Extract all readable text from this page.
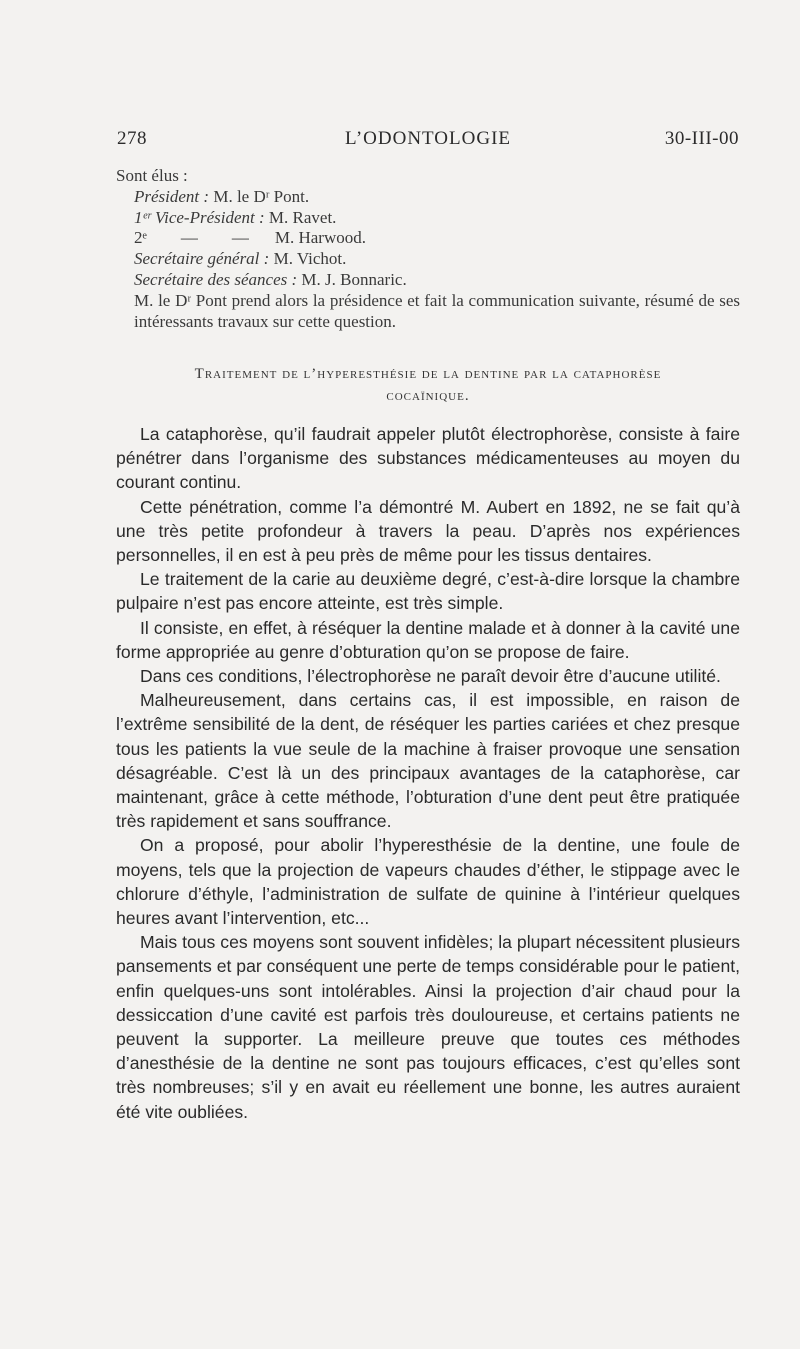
278	L’ODONTOLOGIE	30-III-00

Sont élus :

Président : M. le Dʳ Pont.

1ᵉʳ Vice-Président : M. Ravet.

2ᵉ — — M. Harwood.

Secrétaire général : M. Vichot.

Secrétaire des séances : M. J. Bonnaric.

M. le Dʳ Pont prend alors la présidence et fait la communication suivante, résumé de ses intéressants travaux sur cette question.

Traitement de l’hyperesthésie de la dentine par la cataphorèse
cocaïnique.

La cataphorèse, qu’il faudrait appeler plutôt électrophorèse, consiste à faire pénétrer dans l’organisme des substances médicamenteuses au moyen du courant continu.

Cette pénétration, comme l’a démontré M. Aubert en 1892, ne se fait qu’à une très petite profondeur à travers la peau. D’après nos expériences personnelles, il en est à peu près de même pour les tissus dentaires.

Le traitement de la carie au deuxième degré, c’est-à-dire lorsque la chambre pulpaire n’est pas encore atteinte, est très simple.

Il consiste, en effet, à réséquer la dentine malade et à donner à la cavité une forme appropriée au genre d’obturation qu’on se propose de faire.

Dans ces conditions, l’électrophorèse ne paraît devoir être d’aucune utilité.

Malheureusement, dans certains cas, il est impossible, en raison de l’extrême sensibilité de la dent, de réséquer les parties cariées et chez presque tous les patients la vue seule de la machine à fraiser provoque une sensation désagréable. C’est là un des principaux avantages de la cataphorèse, car maintenant, grâce à cette méthode, l’obturation d’une dent peut être pratiquée très rapidement et sans souffrance.

On a proposé, pour abolir l’hyperesthésie de la dentine, une foule de moyens, tels que la projection de vapeurs chaudes d’éther, le stippage avec le chlorure d’éthyle, l’administration de sulfate de quinine à l’intérieur quelques heures avant l’intervention, etc...

Mais tous ces moyens sont souvent infidèles; la plupart nécessitent plusieurs pansements et par conséquent une perte de temps considérable pour le patient, enfin quelques-uns sont intolérables. Ainsi la projection d’air chaud pour la dessiccation d’une cavité est parfois très douloureuse, et certains patients ne peuvent la supporter. La meilleure preuve que toutes ces méthodes d’anesthésie de la dentine ne sont pas toujours efficaces, c’est qu’elles sont très nombreuses; s’il y en avait eu réellement une bonne, les autres auraient été vite oubliées.
